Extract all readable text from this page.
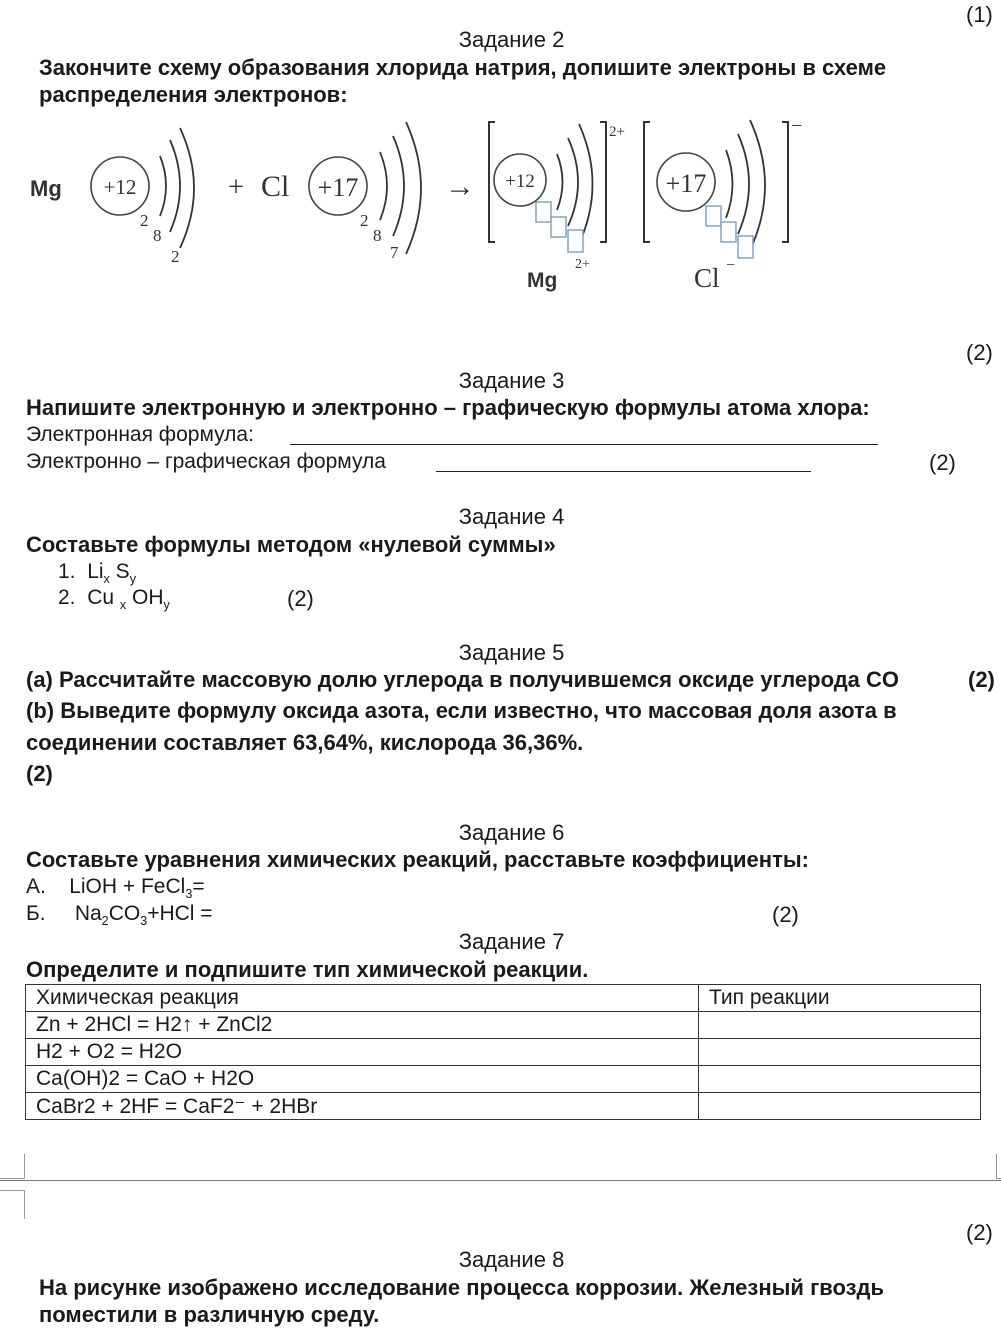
(1)
Задание 2
Закончите схему образования хлорида натрия, допишите электроны в схеме
распределения электронов:
Mg +12
2
8
2
+ Cl +17
2
8
7
→ +12
2+
Mg
2+
+17
−
Cl −
(2)
Задание 3
Напишите электронную и электронно – графическую формулы атома хлора:
Электронная формула:
Электронно – графическая формула	(2)
Задание 4
Составьте формулы методом «нулевой суммы»
1. $Li_x$ $S_y$
2. Cu $_x$ $OH_y$	(2)
Задание 5
(a) Рассчитайте массовую долю углерода в получившемся оксиде углерода CO	(2)
(b) Выведите формулу оксида азота, если известно, что массовая доля азота в
соединении составляет 63,64%, кислорода 36,36%.
(2)
Задание 6
Составьте уравнения химических реакций, расставьте коэффициенты:
А. LiOH + FeCl$_3$=
Б. $Na_2CO_3+HCl$ =	(2)
Задание 7
Определите и подпишите тип химической реакции.
Химическая реакция	Тип реакции
Zn + 2HCl = H2↑ + ZnCl2	
H2 + O2 = H2O	
Ca(OH)2 = CaO + H2O	
CaBr2 + 2HF = CaF2⁻ + 2HBr	
(2)
Задание 8
На рисунке изображено исследование процесса коррозии. Железный гвоздь
поместили в различную среду.
